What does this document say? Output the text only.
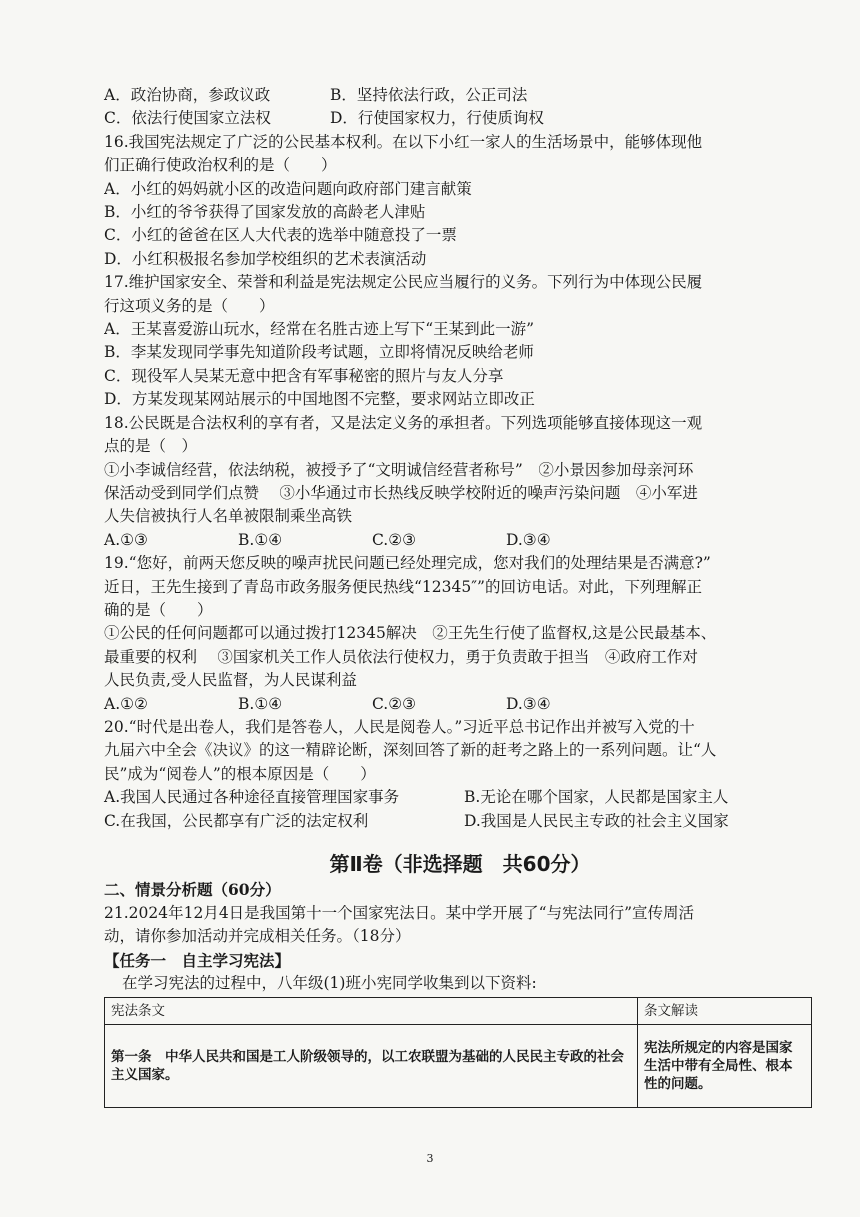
A．政治协商，参政议政	B．坚持依法行政，公正司法
C．依法行使国家立法权	D．行使国家权力，行使质询权
16.我国宪法规定了广泛的公民基本权利。在以下小红一家人的生活场景中，能够体现他
们正确行使政治权利的是（　　）
A．小红的妈妈就小区的改造问题向政府部门建言献策
B．小红的爷爷获得了国家发放的高龄老人津贴
C．小红的爸爸在区人大代表的选举中随意投了一票
D．小红积极报名参加学校组织的艺术表演活动
17.维护国家安全、荣誉和利益是宪法规定公民应当履行的义务。下列行为中体现公民履
行这项义务的是（　　）
A．王某喜爱游山玩水，经常在名胜古迹上写下“王某到此一游”
B．李某发现同学事先知道阶段考试题，立即将情况反映给老师
C．现役军人吴某无意中把含有军事秘密的照片与友人分享
D．方某发现某网站展示的中国地图不完整，要求网站立即改正
18.公民既是合法权利的享有者，又是法定义务的承担者。下列选项能够直接体现这一观
点的是（　）
①小李诚信经营，依法纳税，被授予了“文明诚信经营者称号”　②小景因参加母亲河环
保活动受到同学们点赞　 ③小华通过市长热线反映学校附近的噪声污染问题　④小军进
人失信被执行人名单被限制乘坐高铁
A.①③	B.①④	C.②③	D.③④
19.“您好，前两天您反映的噪声扰民问题已经处理完成，您对我们的处理结果是否满意?”
近日，王先生接到了青岛市政务服务便民热线“12345″”的回访电话。对此，下列理解正
确的是（　　）
①公民的任何问题都可以通过拨打12345解决　②王先生行使了监督权,这是公民最基本、
最重要的权利　 ③国家机关工作人员依法行使权力，勇于负责敢于担当　④政府工作对
人民负责,受人民监督，为人民谋利益
A.①②	B.①④	C.②③	D.③④
20.“时代是出卷人，我们是答卷人，人民是阅卷人。”习近平总书记作出并被写入党的十
九届六中全会《决议》的这一精辟论断，深刻回答了新的赶考之路上的一系列问题。让“人
民”成为“阅卷人”的根本原因是（　　）
A.我国人民通过各种途径直接管理国家事务	B.无论在哪个国家，人民都是国家主人
C.在我国，公民都享有广泛的法定权利	D.我国是人民民主专政的社会主义国家
第Ⅱ卷（非选择题　共60分）
二、情景分析题（60分）
21.2024年12月4日是我国第十一个国家宪法日。某中学开展了“与宪法同行”宣传周活
动，请你参加活动并完成相关任务。（18分）
【任务一　自主学习宪法】
在学习宪法的过程中，八年级(1)班小宪同学收集到以下资料:
宪法条文	条文解读
第一条　中华人民共和国是工人阶级领导的，以工农联盟为基础的人民民主专政的社会主义国家。	宪法所规定的内容是国家生活中带有全局性、根本性的问题。
3
